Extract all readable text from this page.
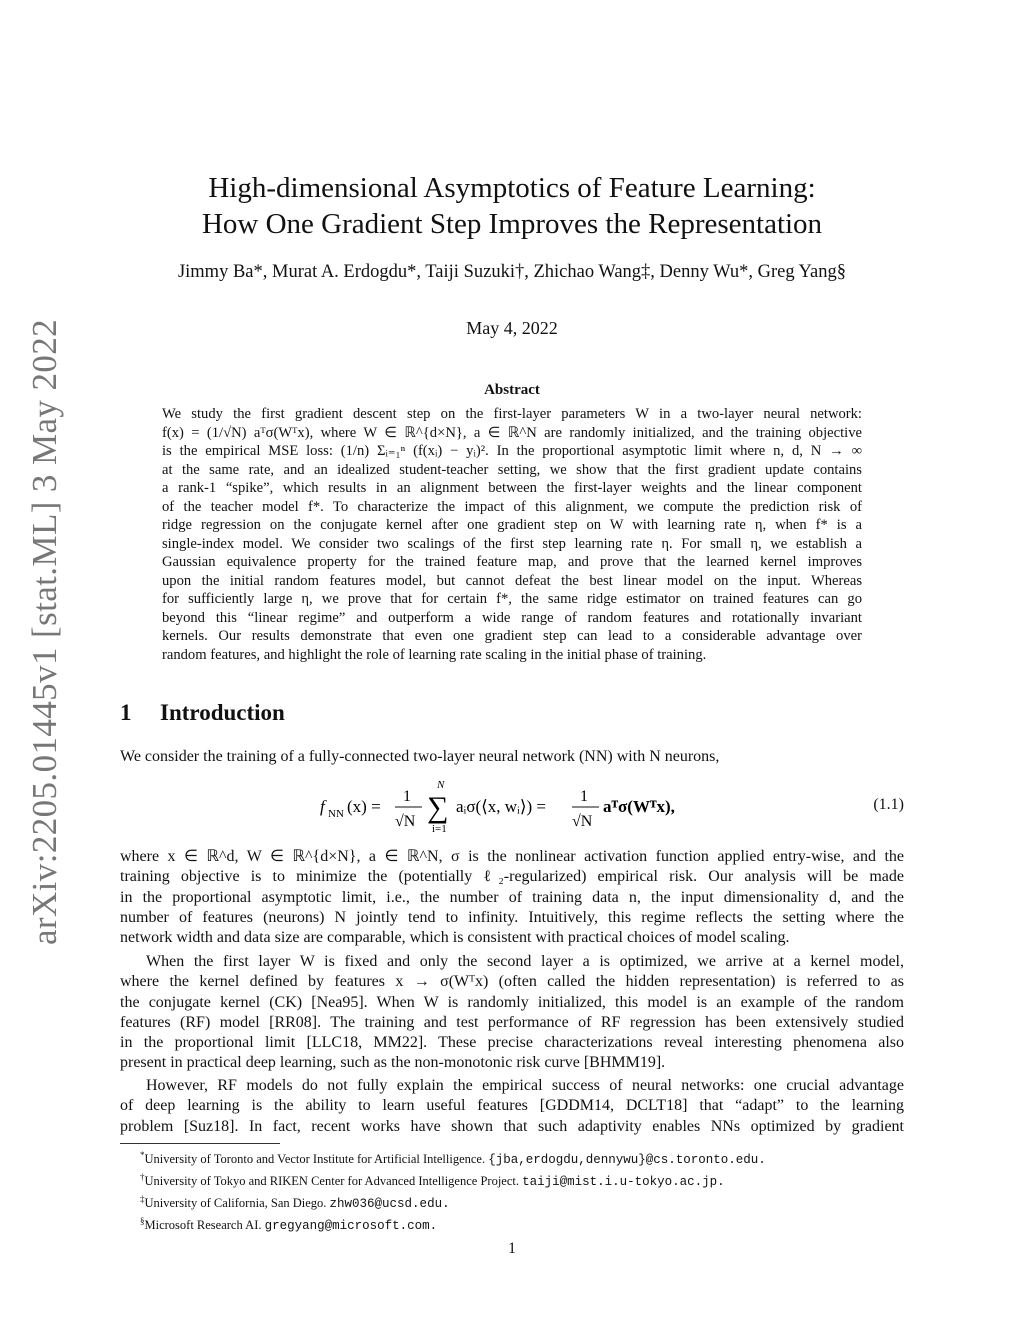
arXiv:2205.01445v1 [stat.ML] 3 May 2022
High-dimensional Asymptotics of Feature Learning:
How One Gradient Step Improves the Representation
Jimmy Ba*, Murat A. Erdogdu*, Taiji Suzuki†, Zhichao Wang‡, Denny Wu*, Greg Yang§
May 4, 2022
Abstract
We study the first gradient descent step on the first-layer parameters W in a two-layer neural network:
f(x) = (1/√N) aᵀσ(Wᵀx), where W ∈ ℝ^{d×N}, a ∈ ℝ^N are randomly initialized, and the training objective
is the empirical MSE loss: (1/n) Σᵢ₌₁ⁿ (f(xᵢ) − yᵢ)². In the proportional asymptotic limit where n, d, N → ∞
at the same rate, and an idealized student-teacher setting, we show that the first gradient update contains
a rank-1 “spike”, which results in an alignment between the first-layer weights and the linear component
of the teacher model f*. To characterize the impact of this alignment, we compute the prediction risk of
ridge regression on the conjugate kernel after one gradient step on W with learning rate η, when f* is a
single-index model. We consider two scalings of the first step learning rate η. For small η, we establish a
Gaussian equivalence property for the trained feature map, and prove that the learned kernel improves
upon the initial random features model, but cannot defeat the best linear model on the input. Whereas
for sufficiently large η, we prove that for certain f*, the same ridge estimator on trained features can go
beyond this “linear regime” and outperform a wide range of random features and rotationally invariant
kernels. Our results demonstrate that even one gradient step can lead to a considerable advantage over
random features, and highlight the role of learning rate scaling in the initial phase of training.
1 Introduction
We consider the training of a fully-connected two-layer neural network (NN) with N neurons,
f NN (x) =
1
√N
N
∑
i=1
aᵢσ(⟨x, wᵢ⟩) =
1
√N
aᵀσ(Wᵀx),	(1.1)
where x ∈ ℝ^d, W ∈ ℝ^{d×N}, a ∈ ℝ^N, σ is the nonlinear activation function applied entry-wise, and the
training objective is to minimize the (potentially ℓ₂-regularized) empirical risk. Our analysis will be made
in the proportional asymptotic limit, i.e., the number of training data n, the input dimensionality d, and the
number of features (neurons) N jointly tend to infinity. Intuitively, this regime reflects the setting where the
network width and data size are comparable, which is consistent with practical choices of model scaling.
When the first layer W is fixed and only the second layer a is optimized, we arrive at a kernel model,
where the kernel defined by features x → σ(Wᵀx) (often called the hidden representation) is referred to as
the conjugate kernel (CK) [Nea95]. When W is randomly initialized, this model is an example of the random
features (RF) model [RR08]. The training and test performance of RF regression has been extensively studied
in the proportional limit [LLC18, MM22]. These precise characterizations reveal interesting phenomena also
present in practical deep learning, such as the non-monotonic risk curve [BHMM19].
However, RF models do not fully explain the empirical success of neural networks: one crucial advantage
of deep learning is the ability to learn useful features [GDDM14, DCLT18] that “adapt” to the learning
problem [Suz18]. In fact, recent works have shown that such adaptivity enables NNs optimized by gradient
*University of Toronto and Vector Institute for Artificial Intelligence. {jba,erdogdu,dennywu}@cs.toronto.edu.
†University of Tokyo and RIKEN Center for Advanced Intelligence Project. taiji@mist.i.u-tokyo.ac.jp.
‡University of California, San Diego. zhw036@ucsd.edu.
§Microsoft Research AI. gregyang@microsoft.com.
1
